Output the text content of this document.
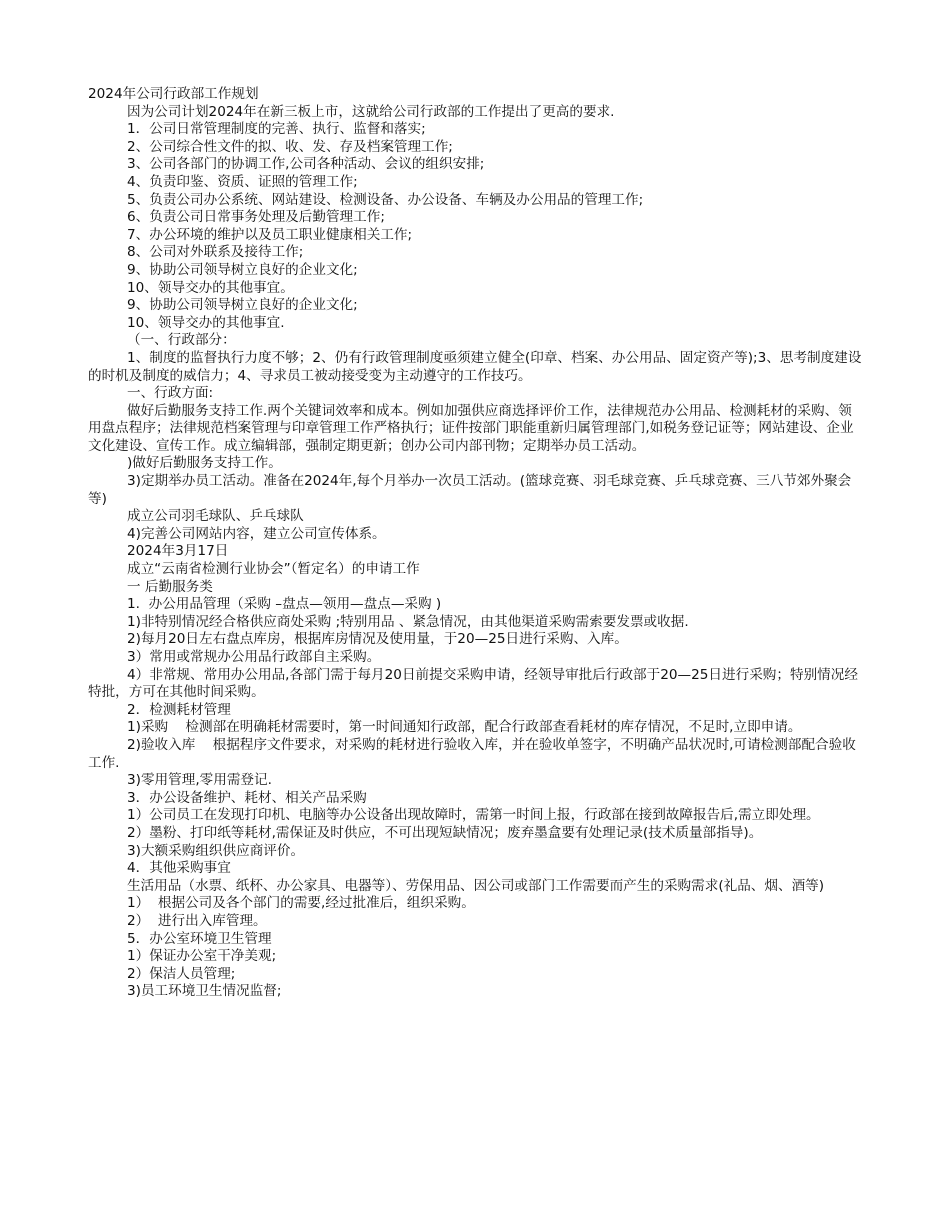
2024年公司行政部工作规划

因为公司计划2024年在新三板上市，这就给公司行政部的工作提出了更高的要求.

1．公司日常管理制度的完善、执行、监督和落实;

2、公司综合性文件的拟、收、发、存及档案管理工作;

3、公司各部门的协调工作,公司各种活动、会议的组织安排;

4、负责印鉴、资质、证照的管理工作;

5、负责公司办公系统、网站建设、检测设备、办公设备、车辆及办公用品的管理工作;

6、负责公司日常事务处理及后勤管理工作;

7、办公环境的维护以及员工职业健康相关工作;

8、公司对外联系及接待工作;

9、协助公司领导树立良好的企业文化;

10、领导交办的其他事宜。

9、协助公司领导树立良好的企业文化;

10、领导交办的其他事宜.

（一、行政部分：

1、制度的监督执行力度不够；2、仍有行政管理制度亟须建立健全(印章、档案、办公用品、固定资产等);3、思考制度建设的时机及制度的威信力；4、寻求员工被动接受变为主动遵守的工作技巧。

一、行政方面:

做好后勤服务支持工作.两个关键词效率和成本。例如加强供应商选择评价工作，法律规范办公用品、检测耗材的采购、领用盘点程序；法律规范档案管理与印章管理工作严格执行；证件按部门职能重新归属管理部门,如税务登记证等；网站建设、企业文化建设、宣传工作。成立编辑部，强制定期更新；创办公司内部刊物；定期举办员工活动。

)做好后勤服务支持工作。

3)定期举办员工活动。准备在2024年,每个月举办一次员工活动。(篮球竞赛、羽毛球竞赛、乒乓球竞赛、三八节郊外聚会等)

成立公司羽毛球队、乒乓球队

4)完善公司网站内容，建立公司宣传体系。

2024年3月17日

成立“云南省检测行业协会”（暂定名）的申请工作

一 后勤服务类

1.  办公用品管理（采购 –盘点—领用—盘点—采购 )

1)非特别情况经合格供应商处采购 ;特别用品 、紧急情况，由其他渠道采购需索要发票或收据.

2)每月20日左右盘点库房，根据库房情况及使用量，于20—25日进行采购、入库。

3）常用或常规办公用品行政部自主采购。

4）非常规、常用办公用品,各部门需于每月20日前提交采购申请，经领导审批后行政部于20—25日进行采购；特别情况经特批，方可在其他时间采购。

2．检测耗材管理

1)采购    检测部在明确耗材需要时，第一时间通知行政部，配合行政部查看耗材的库存情况，不足时,立即申请。

2)验收入库    根据程序文件要求，对采购的耗材进行验收入库，并在验收单签字，不明确产品状况时,可请检测部配合验收工作.

3)零用管理,零用需登记.

3．办公设备维护、耗材、相关产品采购

1）公司员工在发现打印机、电脑等办公设备出现故障时，需第一时间上报，行政部在接到故障报告后,需立即处理。

2）墨粉、打印纸等耗材,需保证及时供应，不可出现短缺情况；废弃墨盒要有处理记录(技术质量部指导)。

3)大额采购组织供应商评价。

4．其他采购事宜

生活用品（水票、纸杯、办公家具、电器等）、劳保用品、因公司或部门工作需要而产生的采购需求(礼品、烟、酒等)

1）  根据公司及各个部门的需要,经过批准后，组织采购。

2）  进行出入库管理。

5．办公室环境卫生管理

1）保证办公室干净美观;

2）保洁人员管理;

3)员工环境卫生情况监督;
